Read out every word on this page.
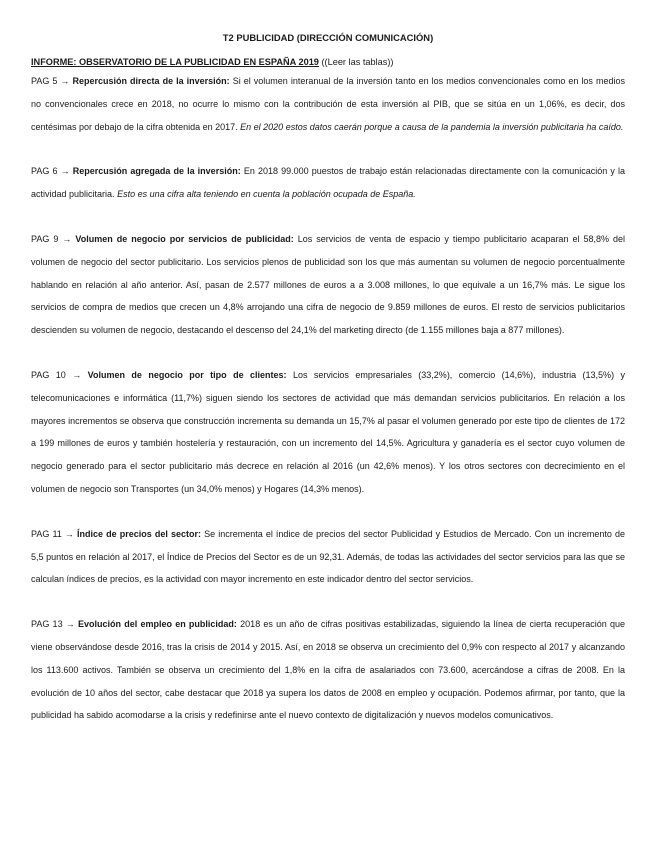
T2 PUBLICIDAD (DIRECCIÓN COMUNICACIÓN)
INFORME: OBSERVATORIO DE LA PUBLICIDAD EN ESPAÑA 2019 ((Leer las tablas))

PAG 5 → Repercusión directa de la inversión: Si el volumen interanual de la inversión tanto en los medios convencionales como en los medios no convencionales crece en 2018, no ocurre lo mismo con la contribución de esta inversión al PIB, que se sitúa en un 1,06%, es decir, dos centésimas por debajo de la cifra obtenida en 2017. En el 2020 estos datos caerán porque a causa de la pandemia la inversión publicitaria ha caído.

PAG 6 → Repercusión agregada de la inversión: En 2018 99.000 puestos de trabajo están relacionadas directamente con la comunicación y la actividad publicitaria. Esto es una cifra alta teniendo en cuenta la población ocupada de España.

PAG 9 → Volumen de negocio por servicios de publicidad: Los servicios de venta de espacio y tiempo publicitario acaparan el 58,8% del volumen de negocio del sector publicitario. Los servicios plenos de publicidad son los que más aumentan su volumen de negocio porcentualmente hablando en relación al año anterior. Así, pasan de 2.577 millones de euros a a 3.008 millones, lo que equivale a un 16,7% más. Le sigue los servicios de compra de medios que crecen un 4,8% arrojando una cifra de negocio de 9.859 millones de euros. El resto de servicios publicitarios descienden su volumen de negocio, destacando el descenso del 24,1% del marketing directo (de 1.155 millones baja a 877 millones).

PAG 10 → Volumen de negocio por tipo de clientes: Los servicios empresariales (33,2%), comercio (14,6%), industria (13,5%) y telecomunicaciones e informática (11,7%) siguen siendo los sectores de actividad que más demandan servicios publicitarios. En relación a los mayores incrementos se observa que construcción incrementa su demanda un 15,7% al pasar el volumen generado por este tipo de clientes de 172 a 199 millones de euros y también hostelería y restauración, con un incremento del 14,5%. Agricultura y ganadería es el sector cuyo volumen de negocio generado para el sector publicitario más decrece en relación al 2016 (un 42,6% menos). Y los otros sectores con decrecimiento en el volumen de negocio son Transportes (un 34,0% menos) y Hogares (14,3% menos).

PAG 11 → Índice de precios del sector: Se incrementa el índice de precios del sector Publicidad y Estudios de Mercado. Con un incremento de 5,5 puntos en relación al 2017, el Índice de Precios del Sector es de un 92,31. Además, de todas las actividades del sector servicios para las que se calculan índices de precios, es la actividad con mayor incremento en este indicador dentro del sector servicios.

PAG 13 → Evolución del empleo en publicidad: 2018 es un año de cifras positivas estabilizadas, siguiendo la línea de cierta recuperación que viene observándose desde 2016, tras la crisis de 2014 y 2015. Así, en 2018 se observa un crecimiento del 0,9% con respecto al 2017 y alcanzando los 113.600 activos. También se observa un crecimiento del 1,8% en la cifra de asalariados con 73.600, acercándose a cifras de 2008. En la evolución de 10 años del sector, cabe destacar que 2018 ya supera los datos de 2008 en empleo y ocupación. Podemos afirmar, por tanto, que la publicidad ha sabido acomodarse a la crisis y redefinirse ante el nuevo contexto de digitalización y nuevos modelos comunicativos.
